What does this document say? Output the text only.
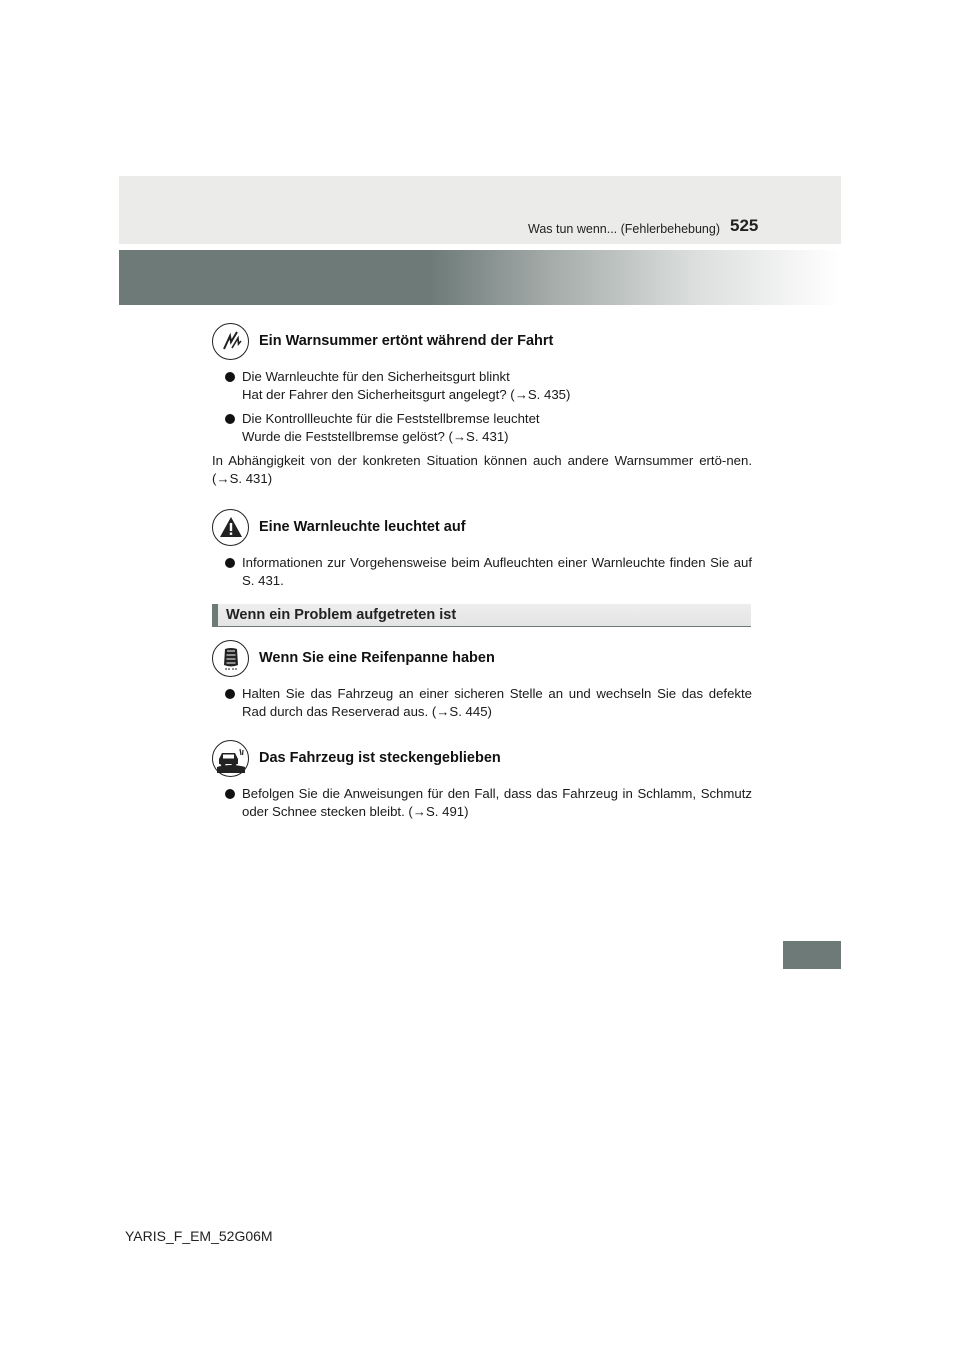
525
Was tun wenn... (Fehlerbehebung)
Ein Warnsummer ertönt während der Fahrt
Die Warnleuchte für den Sicherheitsgurt blinkt
Hat der Fahrer den Sicherheitsgurt angelegt? (→S. 435)
Die Kontrollleuchte für die Feststellbremse leuchtet
Wurde die Feststellbremse gelöst? (→S. 431)
In Abhängigkeit von der konkreten Situation können auch andere Warnsummer ertö-nen. (→S. 431)
Eine Warnleuchte leuchtet auf
Informationen zur Vorgehensweise beim Aufleuchten einer Warnleuchte finden Sie auf S. 431.
Wenn ein Problem aufgetreten ist
Wenn Sie eine Reifenpanne haben
Halten Sie das Fahrzeug an einer sicheren Stelle an und wechseln Sie das defekte Rad durch das Reserverad aus. (→S. 445)
Das Fahrzeug ist steckengeblieben
Befolgen Sie die Anweisungen für den Fall, dass das Fahrzeug in Schlamm, Schmutz oder Schnee stecken bleibt. (→S. 491)
YARIS_F_EM_52G06M
